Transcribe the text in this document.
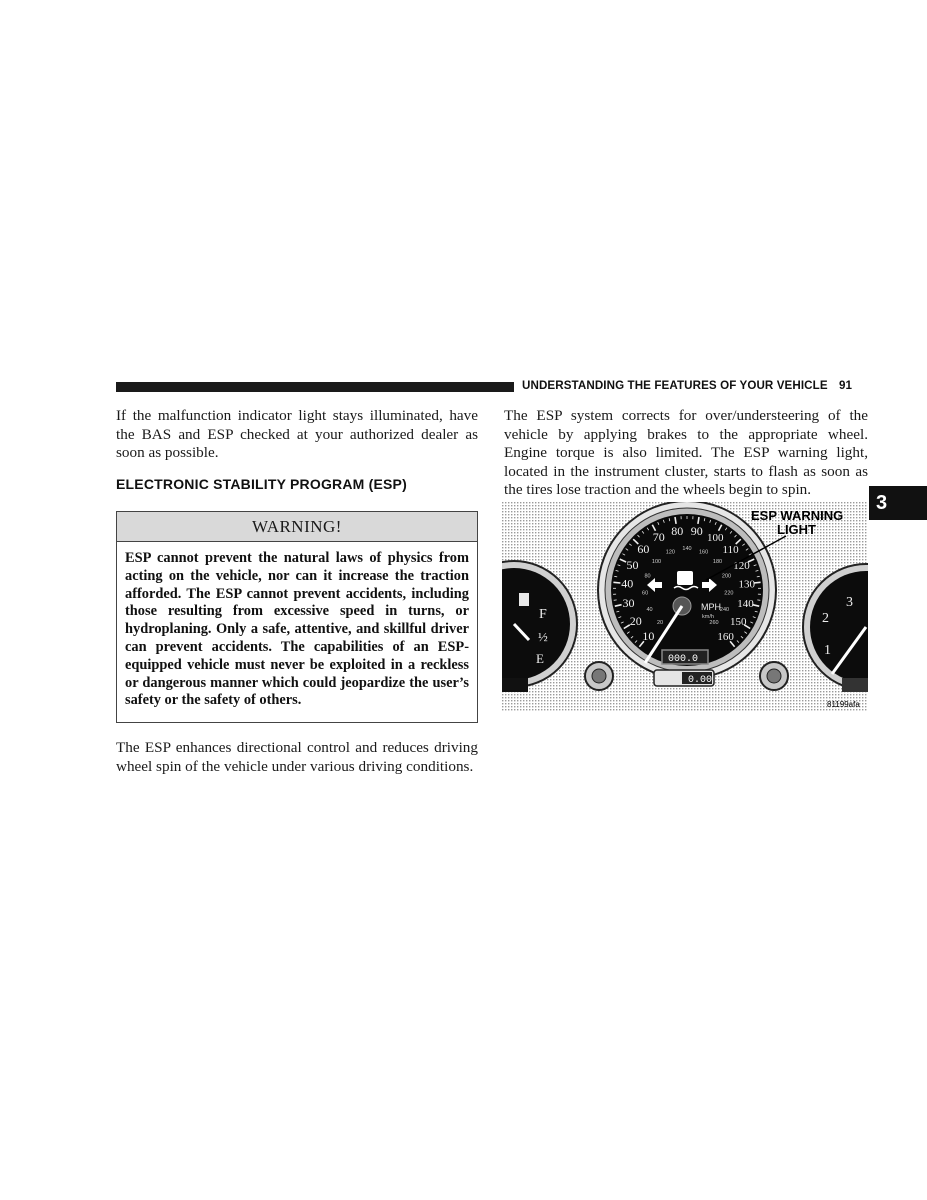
UNDERSTANDING THE FEATURES OF YOUR VEHICLE 91

If the malfunction indicator light stays illuminated, have the BAS and ESP checked at your authorized dealer as soon as possible.

ELECTRONIC STABILITY PROGRAM (ESP)
WARNING!
ESP cannot prevent the natural laws of physics from acting on the vehicle, nor can it increase the traction afforded. The ESP cannot prevent accidents, including those resulting from excessive speed in turns, or hydroplaning. Only a safe, attentive, and skillful driver can prevent accidents. The capabilities of an ESP-equipped vehicle must never be exploited in a reckless or dangerous manner which could jeopardize the user’s safety or the safety of others.

The ESP enhances directional control and reduces driving wheel spin of the vehicle under various driving conditions.

The ESP system corrects for over/understeering of the vehicle by applying brakes to the appropriate wheel. Engine torque is also limited. The ESP warning light, located in the instrument cluster, starts to flash as soon as the tires lose traction and the wheels begin to spin.

3
F
½
E
1
2
3
10
20
30
40
50
60
70 80 90
100
110
120
130
140
150
160
20
40
60
80
100
120
140
160
180
200
220
240
260
MPH
km/h
000.0
0.00
ESP WARNING
LIGHT
81199afa
